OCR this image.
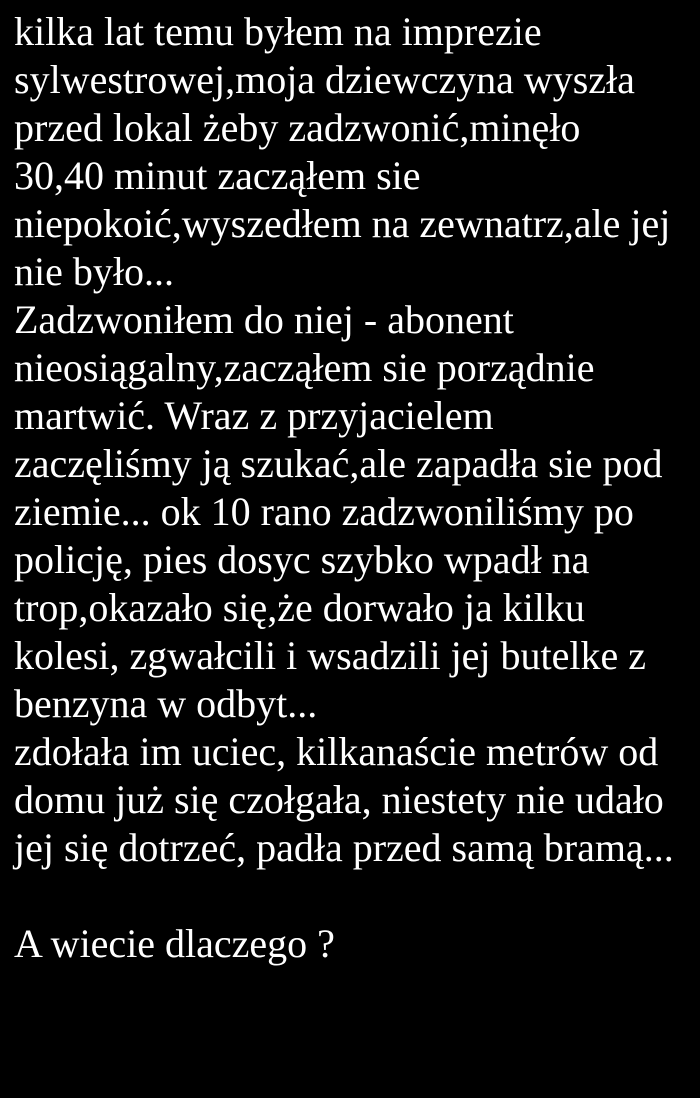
kilka lat temu byłem na imprezie
sylwestrowej,moja dziewczyna wyszła
przed lokal żeby zadzwonić,minęło
30,40 minut zacząłem sie
niepokoić,wyszedłem na zewnatrz,ale jej
nie było...
Zadzwoniłem do niej - abonent
nieosiągalny,zacząłem sie porządnie
martwić. Wraz z przyjacielem
zaczęliśmy ją szukać,ale zapadła sie pod
ziemie... ok 10 rano zadzwoniliśmy po
policję, pies dosyc szybko wpadł na
trop,okazało się,że dorwało ja kilku
kolesi, zgwałcili i wsadzili jej butelke z
benzyna w odbyt...
zdołała im uciec, kilkanaście metrów od
domu już się czołgała, niestety nie udało
jej się dotrzeć, padła przed samą bramą...
A wiecie dlaczego ?
